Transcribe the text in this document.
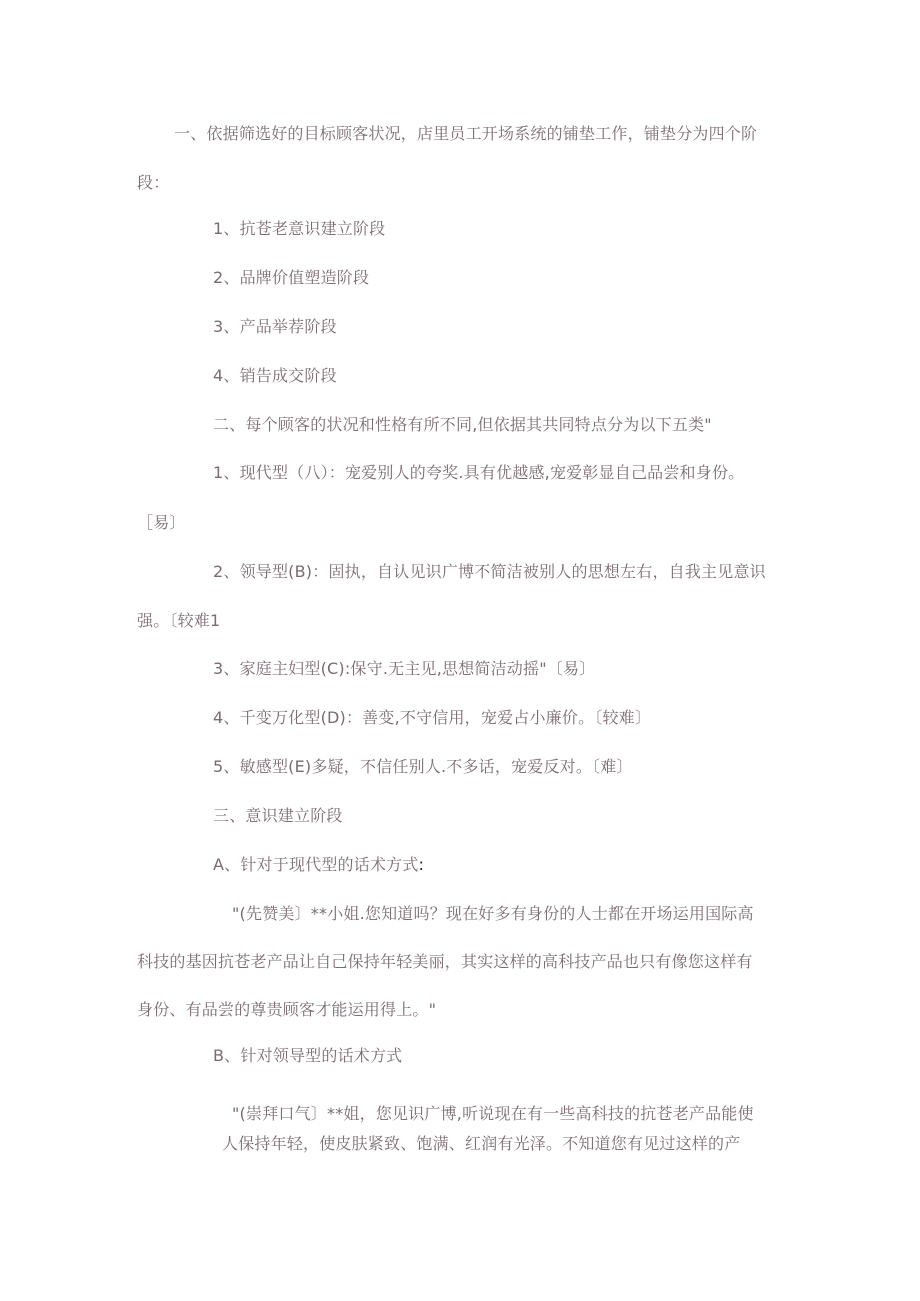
一、依据筛选好的目标顾客状况，店里员工开场系统的铺垫工作，铺垫分为四个阶
段：
1、抗苍老意识建立阶段
2、品牌价值塑造阶段
3、产品举荐阶段
4、销告成交阶段
二、每个顾客的状况和性格有所不同,但依据其共同特点分为以下五类"
1、现代型（八）：宠爱别人的夸奖.具有优越感,宠爱彰显自己品尝和身份。
［易〕
2、领导型(B)：固执，自认见识广博不简洁被别人的思想左右，自我主见意识
强。〔较难1
3、家庭主妇型(C):保守.无主见,思想简洁动摇"〔易〕
4、千变万化型(D)：善变,不守信用，宠爱占小廉价。〔较难〕
5、敏感型(E)多疑，不信任别人.不多话，宠爱反对。〔难〕
三、意识建立阶段
A、针对于现代型的话术方式:
"(先赞美〕**小姐.您知道吗？现在好多有身份的人士都在开场运用国际高
科技的基因抗苍老产品让自己保持年轻美丽，其实这样的高科技产品也只有像您这样有
身份、有品尝的尊贵顾客才能运用得上。"
B、针对领导型的话术方式
"(崇拜口气〕**姐，您见识广博,听说现在有一些高科技的抗苍老产品能使
人保持年轻，使皮肤紧致、饱满、红润有光泽。不知道您有见过这样的产
